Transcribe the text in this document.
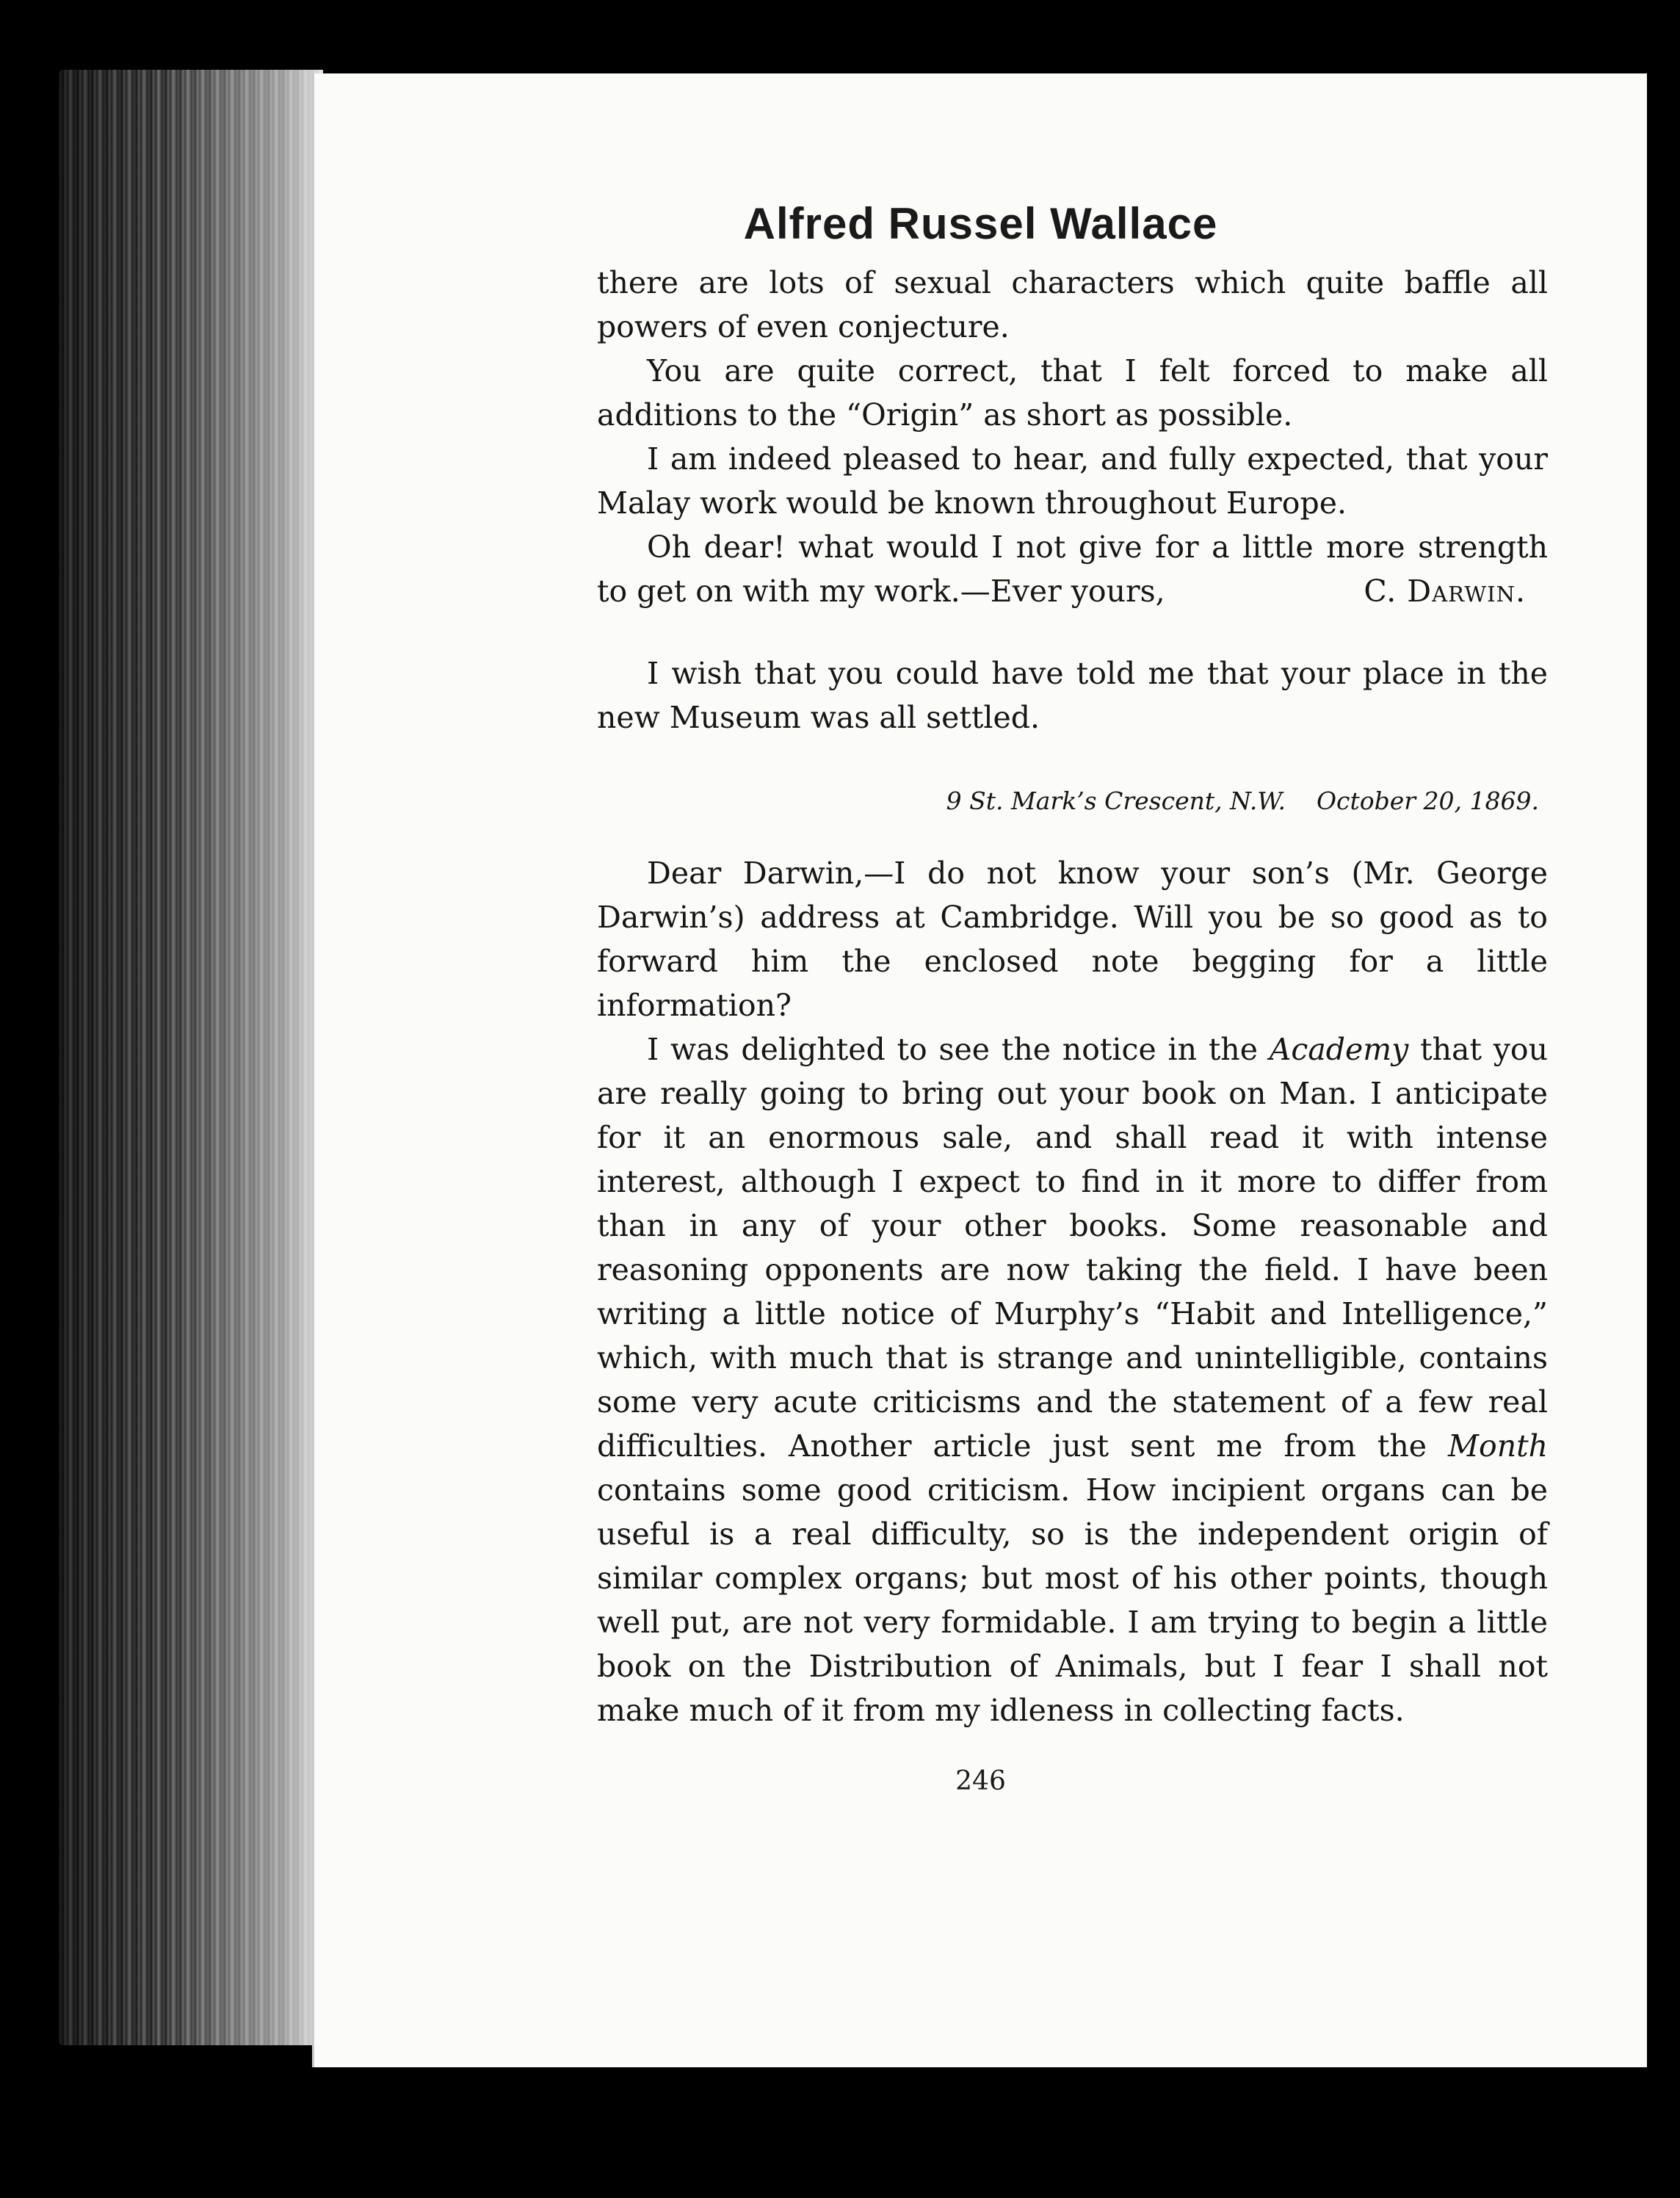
Alfred Russel Wallace

there are lots of sexual characters which quite baffle all powers of even conjecture.

You are quite correct, that I felt forced to make all additions to the “Origin” as short as possible.

I am indeed pleased to hear, and fully expected, that your Malay work would be known throughout Europe.

Oh dear! what would I not give for a little more strength to get on with my work.—Ever yours,	C. Darwin.

I wish that you could have told me that your place in the new Museum was all settled.

9 St. Mark’s Crescent, N.W. October 20, 1869.

Dear Darwin,—I do not know your son’s (Mr. George Darwin’s) address at Cambridge. Will you be so good as to forward him the enclosed note begging for a little information?

I was delighted to see the notice in the Academy that you are really going to bring out your book on Man. I anticipate for it an enormous sale, and shall read it with intense interest, although I expect to find in it more to differ from than in any of your other books. Some reasonable and reasoning opponents are now taking the field. I have been writing a little notice of Murphy’s “Habit and Intelligence,” which, with much that is strange and unintelligible, contains some very acute criticisms and the statement of a few real difficulties. Another article just sent me from the Month contains some good criticism. How incipient organs can be useful is a real difficulty, so is the independent origin of similar complex organs; but most of his other points, though well put, are not very formidable. I am trying to begin a little book on the Distribution of Animals, but I fear I shall not make much of it from my idleness in collecting facts.

246
